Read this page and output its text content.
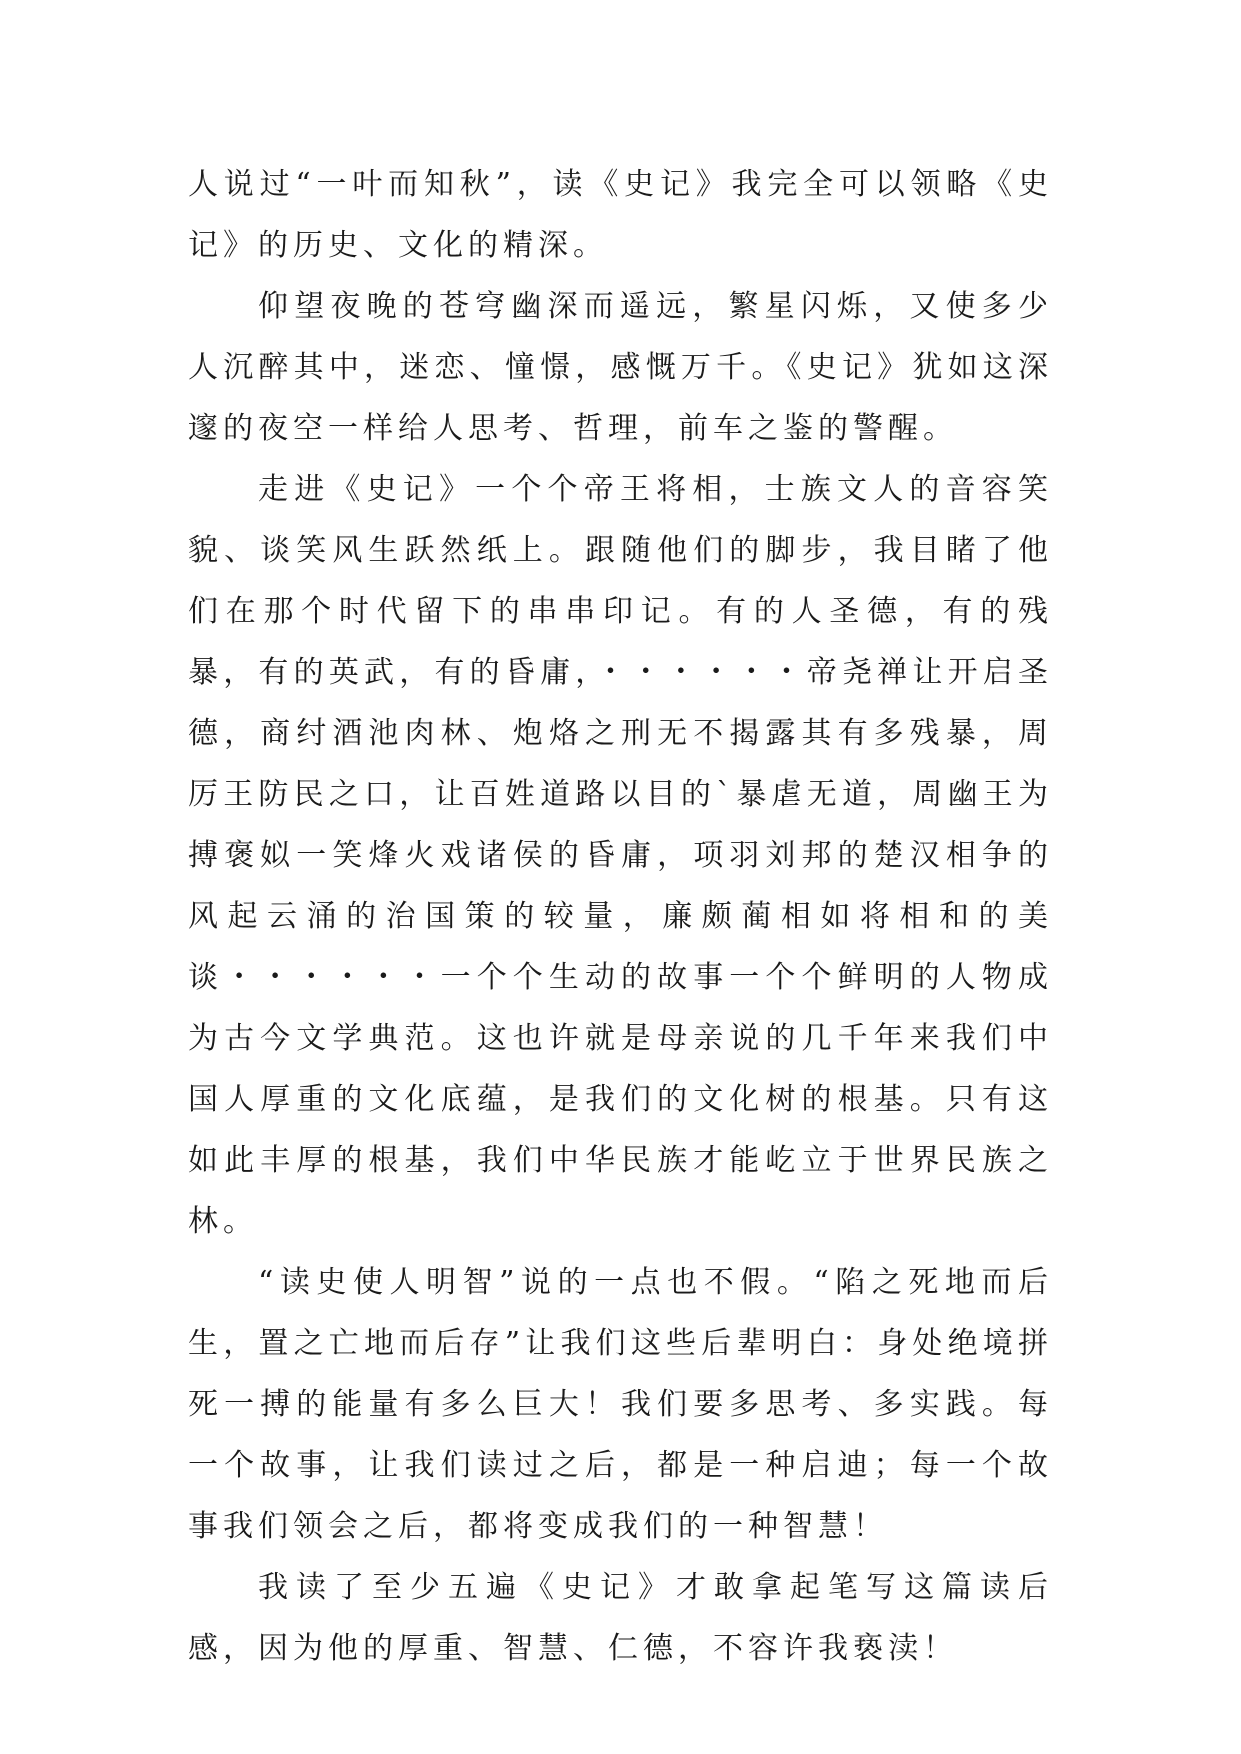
人说过“一叶而知秋”，读《史记》我完全可以领略《史记》的历史、文化的精深。

仰望夜晚的苍穹幽深而遥远，繁星闪烁，又使多少人沉醉其中，迷恋、憧憬，感慨万千。《史记》犹如这深邃的夜空一样给人思考、哲理，前车之鉴的警醒。

走进《史记》一个个帝王将相，士族文人的音容笑貌、谈笑风生跃然纸上。跟随他们的脚步，我目睹了他们在那个时代留下的串串印记。有的人圣德，有的残暴，有的英武，有的昏庸，・・・・・・帝尧禅让开启圣德，商纣酒池肉林、炮烙之刑无不揭露其有多残暴，周厉王防民之口，让百姓道路以目的`暴虐无道，周幽王为搏褒姒一笑烽火戏诸侯的昏庸，项羽刘邦的楚汉相争的风起云涌的治国策的较量，廉颇蔺相如将相和的美谈・・・・・・一个个生动的故事一个个鲜明的人物成为古今文学典范。这也许就是母亲说的几千年来我们中国人厚重的文化底蕴，是我们的文化树的根基。只有这如此丰厚的根基，我们中华民族才能屹立于世界民族之林。

“读史使人明智”说的一点也不假。“陷之死地而后生，置之亡地而后存”让我们这些后辈明白：身处绝境拼死一搏的能量有多么巨大！我们要多思考、多实践。每一个故事，让我们读过之后，都是一种启迪；每一个故事我们领会之后，都将变成我们的一种智慧！

我读了至少五遍《史记》才敢拿起笔写这篇读后感，因为他的厚重、智慧、仁德，不容许我亵渎！
